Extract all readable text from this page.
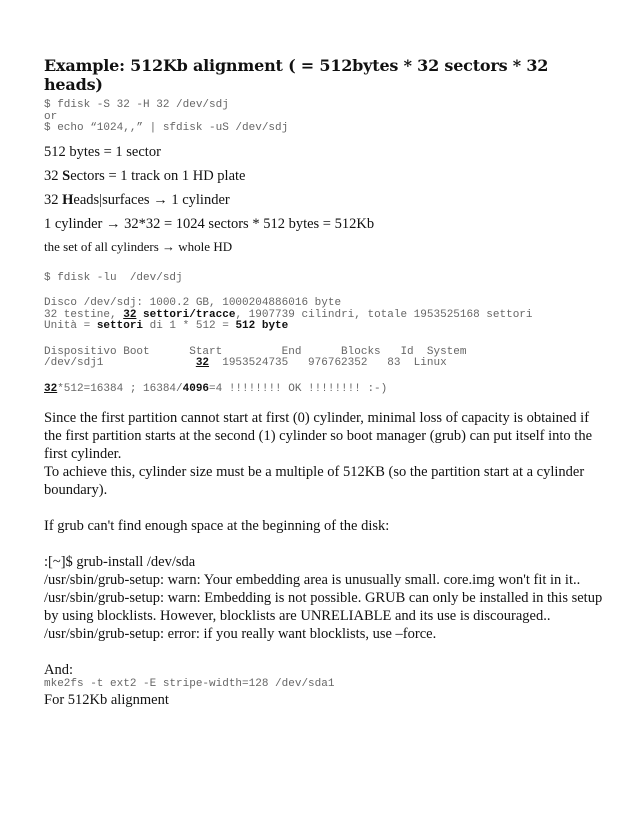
Example: 512Kb alignment ( = 512bytes * 32 sectors * 32 heads)
$ fdisk -S 32 -H 32 /dev/sdj
or
$ echo “1024,,” | sfdisk -uS /dev/sdj

512 bytes = 1 sector

32 Sectors = 1 track on 1 HD plate

32 Heads|surfaces → 1 cylinder

1 cylinder → 32*32 = 1024 sectors * 512 bytes = 512Kb

the set of all cylinders → whole HD

$ fdisk -lu  /dev/sdj
Disco /dev/sdj: 1000.2 GB, 1000204886016 byte
32 testine, 32 settori/tracce, 1907739 cilindri, totale 1953525168 settori
Unità = settori di 1 * 512 = 512 byte
Dispositivo Boot      Start         End      Blocks   Id  System
/dev/sdj1              32  1953524735   976762352   83  Linux
32*512=16384 ; 16384/4096=4 !!!!!!!! OK !!!!!!!! :-)

Since the first partition cannot start at first (0) cylinder, minimal loss of capacity is obtained if the first partition starts at the second (1) cylinder so boot manager (grub) can put itself into the first cylinder.

To achieve this, cylinder size must be a multiple of 512KB (so the partition start at a cylinder boundary).

If grub can't find enough space at the beginning of the disk:

:[~]$ grub-install /dev/sda

/usr/sbin/grub-setup: warn: Your embedding area is unusually small. core.img won't fit in it..

/usr/sbin/grub-setup: warn: Embedding is not possible. GRUB can only be installed in this setup by using blocklists. However, blocklists are UNRELIABLE and its use is discouraged..

/usr/sbin/grub-setup: error: if you really want blocklists, use –force.

And:

mke2fs -t ext2 -E stripe-width=128 /dev/sda1

For 512Kb alignment
